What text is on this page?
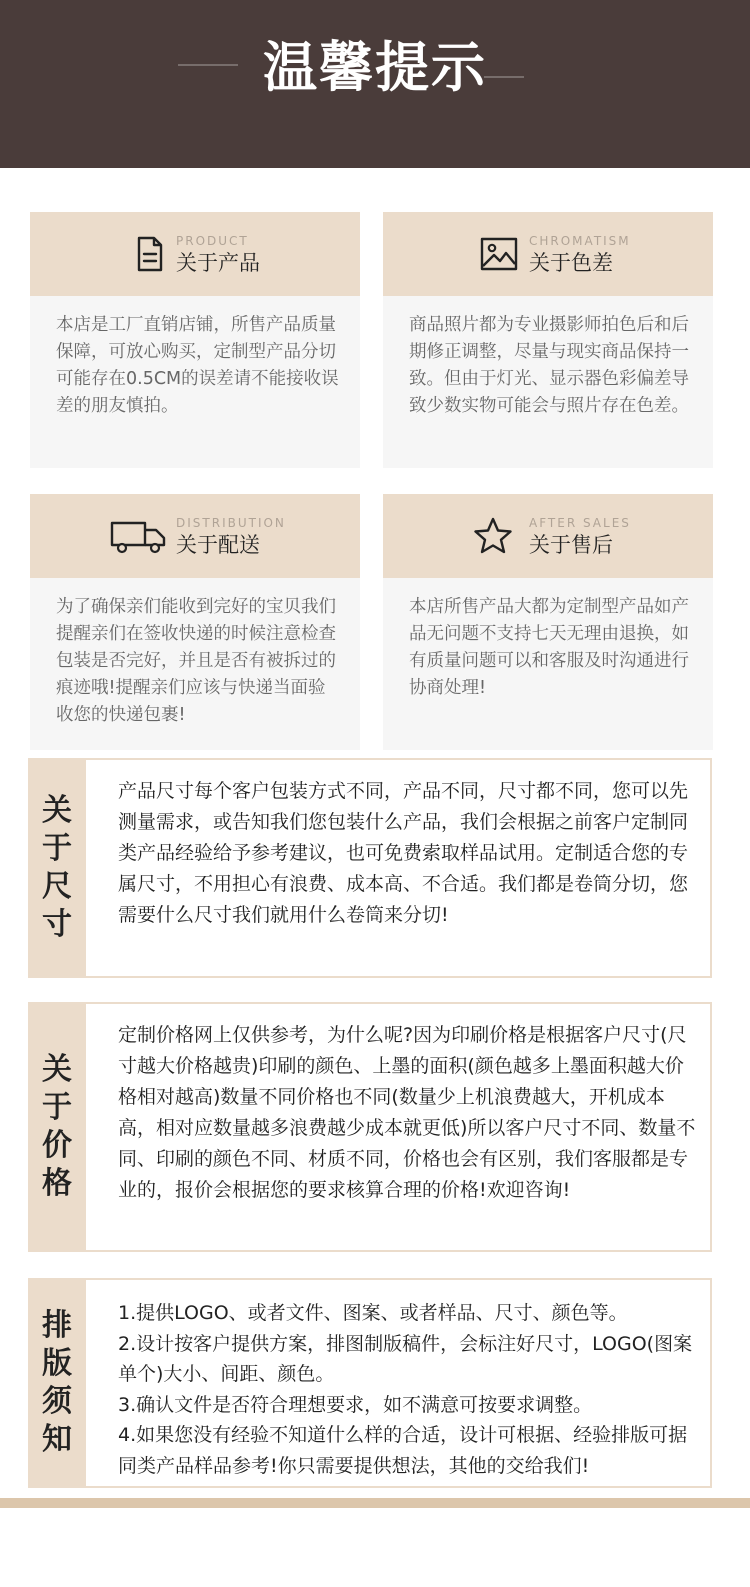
温馨提示
PRODUCT
关于产品
本店是工厂直销店铺，所售产品质量保障，可放心购买，定制型产品分切可能存在0.5CM的误差请不能接收误差的朋友慎拍。
CHROMATISM
关于色差
商品照片都为专业摄影师拍色后和后期修正调整，尽量与现实商品保持一致。但由于灯光、显示器色彩偏差导致少数实物可能会与照片存在色差。
DISTRIBUTION
关于配送
为了确保亲们能收到完好的宝贝我们提醒亲们在签收快递的时候注意检查包装是否完好，并且是否有被拆过的痕迹哦!提醒亲们应该与快递当面验收您的快递包裹!
AFTER SALES
关于售后
本店所售产品大都为定制型产品如产品无问题不支持七天无理由退换，如有质量问题可以和客服及时沟通进行协商处理!
关于尺寸
产品尺寸每个客户包装方式不同，产品不同，尺寸都不同，您可以先测量需求，或告知我们您包装什么产品，我们会根据之前客户定制同类产品经验给予参考建议，也可免费索取样品试用。定制适合您的专属尺寸，不用担心有浪费、成本高、不合适。我们都是卷筒分切，您需要什么尺寸我们就用什么卷筒来分切!
关于价格
定制价格网上仅供参考，为什么呢?因为印刷价格是根据客户尺寸(尺寸越大价格越贵)印刷的颜色、上墨的面积(颜色越多上墨面积越大价格相对越高)数量不同价格也不同(数量少上机浪费越大，开机成本高，相对应数量越多浪费越少成本就更低)所以客户尺寸不同、数量不同、印刷的颜色不同、材质不同，价格也会有区别，我们客服都是专业的，报价会根据您的要求核算合理的价格!欢迎咨询!
排版须知
1.提供LOGO、或者文件、图案、或者样品、尺寸、颜色等。
2.设计按客户提供方案，排图制版稿件，会标注好尺寸，LOGO(图案单个)大小、间距、颜色。
3.确认文件是否符合理想要求，如不满意可按要求调整。
4.如果您没有经验不知道什么样的合适，设计可根据、经验排版可据同类产品样品参考!你只需要提供想法，其他的交给我们!
